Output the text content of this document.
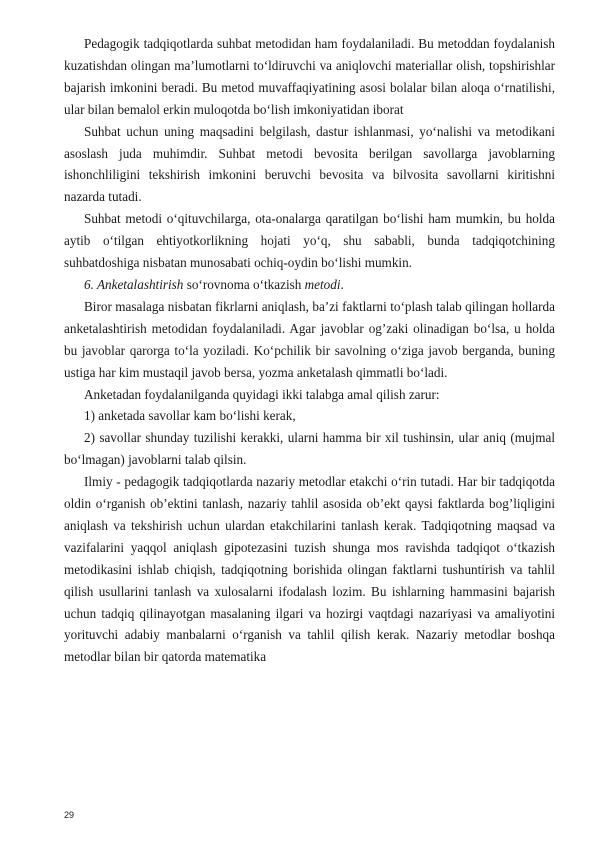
Pedagogik tadqiqotlarda suhbat metodidan ham foydalaniladi. Bu metoddan foydalanish kuzatishdan olingan ma’lumotlarni to‘ldiruvchi va aniqlovchi materiallar olish, topshirishlar bajarish imkonini beradi. Bu metod muvaffaqiyatining asosi bolalar bilan aloqa o‘rnatilishi, ular bilan bemalol erkin muloqotda bo‘lish imkoniyatidan iborat

Suhbat uchun uning maqsadini belgilash, dastur ishlanmasi, yo‘nalishi va metodikani asoslash juda muhimdir. Suhbat metodi bevosita berilgan savollarga javoblarning ishonchliligini tekshirish imkonini beruvchi bevosita va bilvosita savollarni kiritishni nazarda tutadi.

Suhbat metodi o‘qituvchilarga, ota-onalarga qaratilgan bo‘lishi ham mumkin, bu holda aytib o‘tilgan ehtiyotkorlikning hojati yo‘q, shu sababli, bunda tadqiqotchining suhbatdoshiga nisbatan munosabati ochiq-oydin bo‘lishi mumkin.

6. Anketalashtirish so‘rovnoma o‘tkazish metodi.

Biror masalaga nisbatan fikrlarni aniqlash, ba’zi faktlarni to‘plash talab qilingan hollarda anketalashtirish metodidan foydalaniladi. Agar javoblar og’zaki olinadigan bo‘lsa, u holda bu javoblar qarorga to‘la yoziladi. Ko‘pchilik bir savolning o‘ziga javob berganda, buning ustiga har kim mustaqil javob bersa, yozma anketalash qimmatli bo‘ladi.

Anketadan foydalanilganda quyidagi ikki talabga amal qilish zarur:

1) anketada savollar kam bo‘lishi kerak,

2) savollar shunday tuzilishi kerakki, ularni hamma bir xil tushinsin, ular aniq (mujmal bo‘lmagan) javoblarni talab qilsin.

Ilmiy - pedagogik tadqiqotlarda nazariy metodlar etakchi o‘rin tutadi. Har bir tadqiqotda oldin o‘rganish ob’ektini tanlash, nazariy tahlil asosida ob’ekt qaysi faktlarda bog’liqligini aniqlash va tekshirish uchun ulardan etakchilarini tanlash kerak. Tadqiqotning maqsad va vazifalarini yaqqol aniqlash gipotezasini tuzish shunga mos ravishda tadqiqot o‘tkazish metodikasini ishlab chiqish, tadqiqotning borishida olingan faktlarni tushuntirish va tahlil qilish usullarini tanlash va xulosalarni ifodalash lozim. Bu ishlarning hammasini bajarish uchun tadqiq qilinayotgan masalaning ilgari va hozirgi vaqtdagi nazariyasi va amaliyotini yorituvchi adabiy manbalarni o‘rganish va tahlil qilish kerak. Nazariy metodlar boshqa metodlar bilan bir qatorda matematika

29
